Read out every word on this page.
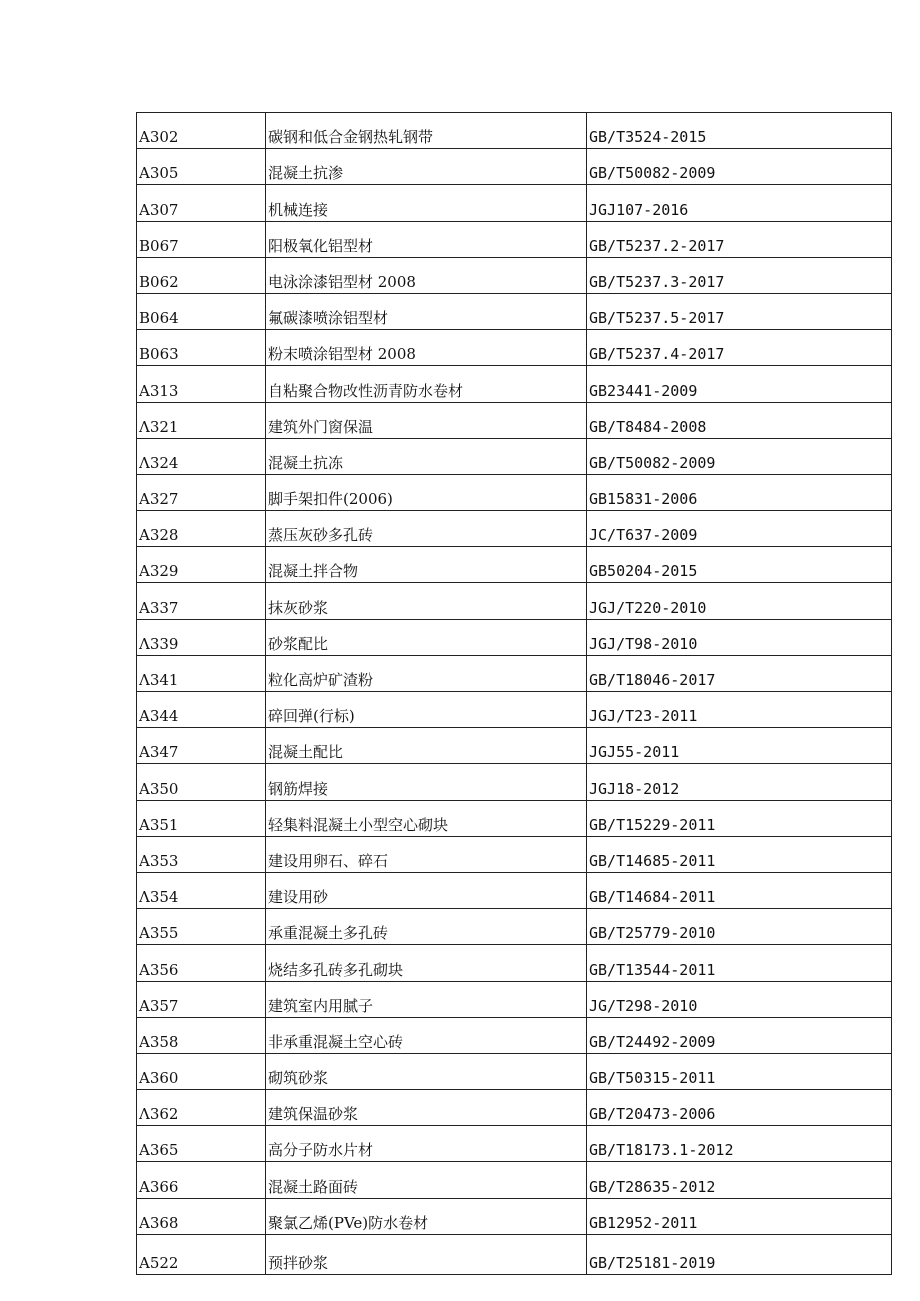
A302	碳钢和低合金钢热轧钢带	GB/T3524-2015
A305	混凝土抗渗	GB/T50082-2009
A307	机械连接	JGJ107-2016
B067	阳极氧化铝型材	GB/T5237.2-2017
B062	电泳涂漆铝型材 2008	GB/T5237.3-2017
B064	氟碳漆喷涂铝型材	GB/T5237.5-2017
B063	粉末喷涂铝型材 2008	GB/T5237.4-2017
A313	自粘聚合物改性沥青防水卷材	GB23441-2009
Λ321	建筑外门窗保温	GB/T8484-2008
Λ324	混凝土抗冻	GB/T50082-2009
A327	脚手架扣件(2006)	GB15831-2006
A328	蒸压灰砂多孔砖	JC/T637-2009
A329	混凝土拌合物	GB50204-2015
A337	抹灰砂浆	JGJ/T220-2010
Λ339	砂浆配比	JGJ/T98-2010
Λ341	粒化高炉矿渣粉	GB/T18046-2017
A344	碎回弹(行标)	JGJ/T23-2011
A347	混凝土配比	JGJ55-2011
A350	钢筋焊接	JGJ18-2012
A351	轻集料混凝土小型空心砌块	GB/T15229-2011
A353	建设用卵石、碎石	GB/T14685-2011
Λ354	建设用砂	GB/T14684-2011
A355	承重混凝土多孔砖	GB/T25779-2010
A356	烧结多孔砖多孔砌块	GB/T13544-2011
A357	建筑室内用腻子	JG/T298-2010
A358	非承重混凝土空心砖	GB/T24492-2009
A360	砌筑砂浆	GB/T50315-2011
Λ362	建筑保温砂浆	GB/T20473-2006
A365	高分子防水片材	GB/T18173.1-2012
A366	混凝土路面砖	GB/T28635-2012
A368	聚氯乙烯(PVe)防水卷材	GB12952-2011
A522	预拌砂浆	GB/T25181-2019
